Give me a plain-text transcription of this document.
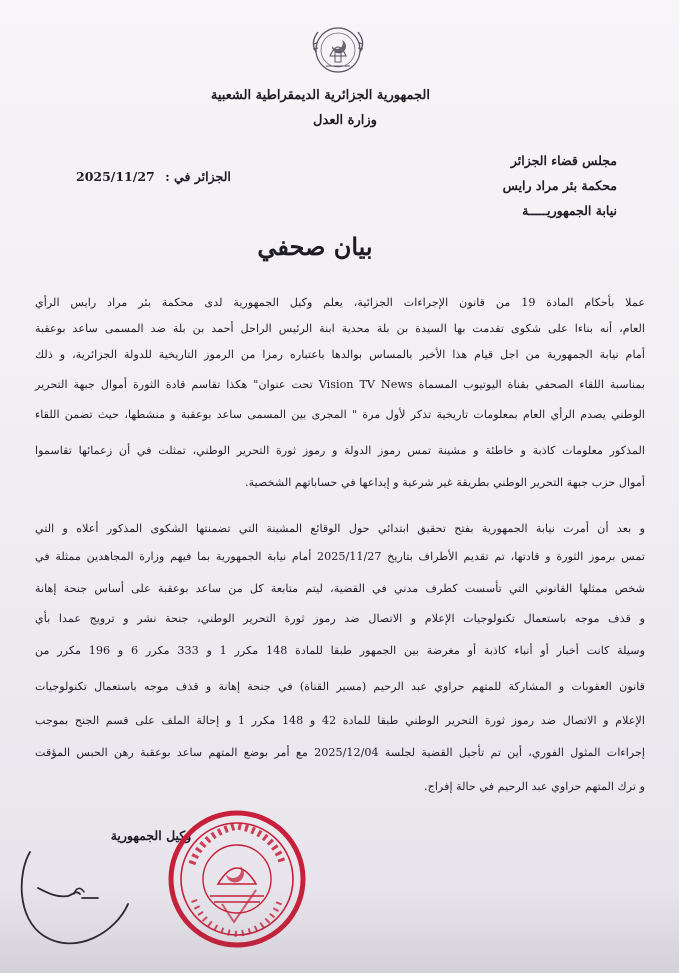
الجمهورية الجزائرية الديمقراطية الشعبية
وزارة العدل
مجلس قضاء الجزائر
محكمة بئر مراد رايس
نيابة الجمهوريـــــة
الجزائر في : 2025/11/27
بيان صحفي
عملا بأحكام المادة 19 من قانون الإجراءات الجزائية، يعلم وكيل الجمهورية لدى محكمة بئر مراد رايس الرأي
العام، أنه بناءا على شكوى تقدمت بها السيدة بن بلة محدية ابنة الرئيس الراحل أحمد بن بلة ضد المسمى ساعد بوعقبة
أمام نيابة الجمهورية من اجل قيام هذا الأخير بالمساس بوالدها باعتباره رمزا من الرموز التاريخية للدولة الجزائرية، و ذلك
بمناسبة اللقاء الصحفي بقناة اليوتيوب المسماة Vision TV News تحت عنوان" هكذا تقاسم قادة الثورة أموال جبهة التحرير
الوطني يصدم الرأي العام بمعلومات تاريخية تذكر لأول مرة " المجرى بين المسمى ساعد بوعقبة و منشطها، حيث تضمن اللقاء
المذكور معلومات كاذبة و خاطئة و مشينة تمس رموز الدولة و رموز ثورة التحرير الوطني، تمثلت في أن زعمائها تقاسموا
أموال حزب جبهة التحرير الوطني بطريقة غير شرعية و إيداعها في حساباتهم الشخصية.
و بعد أن أمرت نيابة الجمهورية بفتح تحقيق ابتدائي حول الوقائع المشينة التي تضمنتها الشكوى المذكور أعلاه و التي
تمس برموز الثورة و قادتها، تم تقديم الأطراف بتاريخ 2025/11/27 أمام نيابة الجمهورية بما فيهم وزارة المجاهدين ممثلة في
شخص ممثلها القانوني التي تأسست كطرف مدني في القضية، ليتم متابعة كل من ساعد بوعقبة على أساس جنحة إهانة
و قذف موجه باستعمال تكنولوجيات الإعلام و الاتصال ضد رموز ثورة التحرير الوطني، جنحة نشر و ترويج عمدا بأي
وسيلة كانت أخبار أو أنباء كاذبة أو مغرضة بين الجمهور طبقا للمادة 148 مكرر 1 و 333 مكرر 6 و 196 مكرر من
قانون العقوبات و المشاركة للمتهم حراوي عبد الرحيم (مسير القناة) في جنحة إهانة و قذف موجه باستعمال تكنولوجيات
الإعلام و الاتصال ضد رموز ثورة التحرير الوطني طبقا للمادة 42 و 148 مكرر 1 و إحالة الملف على قسم الجنح بموجب
إجراءات المثول الفوري، أين تم تأجيل القضية لجلسة 2025/12/04 مع أمر بوضع المتهم ساعد بوعقبة رهن الحبس المؤقت
و ترك المتهم حراوي عبد الرحيم في حالة إفراج.
وكيل الجمهورية
